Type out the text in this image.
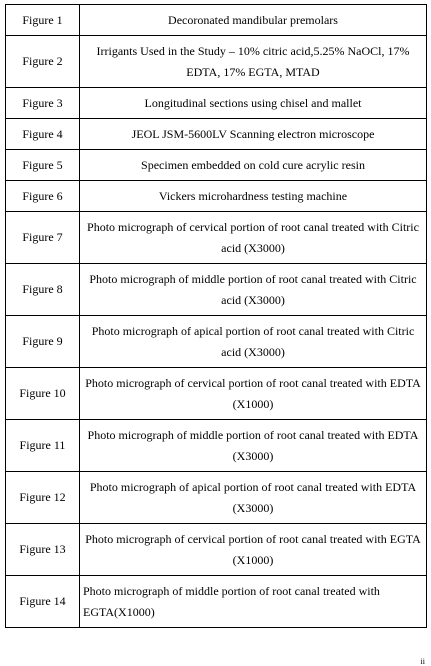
Figure 1	Decoronated mandibular premolars
Figure 2	Irrigants Used in the Study – 10% citric acid,5.25% NaOCl, 17% EDTA, 17% EGTA, MTAD
Figure 3	Longitudinal sections using chisel and mallet
Figure 4	JEOL JSM-5600LV Scanning electron microscope
Figure 5	Specimen embedded on cold cure acrylic resin
Figure 6	Vickers microhardness testing machine
Figure 7	Photo micrograph of cervical portion of root canal treated with Citric acid (X3000)
Figure 8	Photo micrograph of middle portion of root canal treated with Citric acid (X3000)
Figure 9	Photo micrograph of apical portion of root canal treated with Citric acid (X3000)
Figure 10	Photo micrograph of cervical portion of root canal treated with EDTA (X1000)
Figure 11	Photo micrograph of middle portion of root canal treated with EDTA (X3000)
Figure 12	Photo micrograph of apical portion of root canal treated with EDTA (X3000)
Figure 13	Photo micrograph of cervical portion of root canal treated with EGTA (X1000)
Figure 14	Photo micrograph of middle portion of root canal treated with EGTA(X1000)
ii
